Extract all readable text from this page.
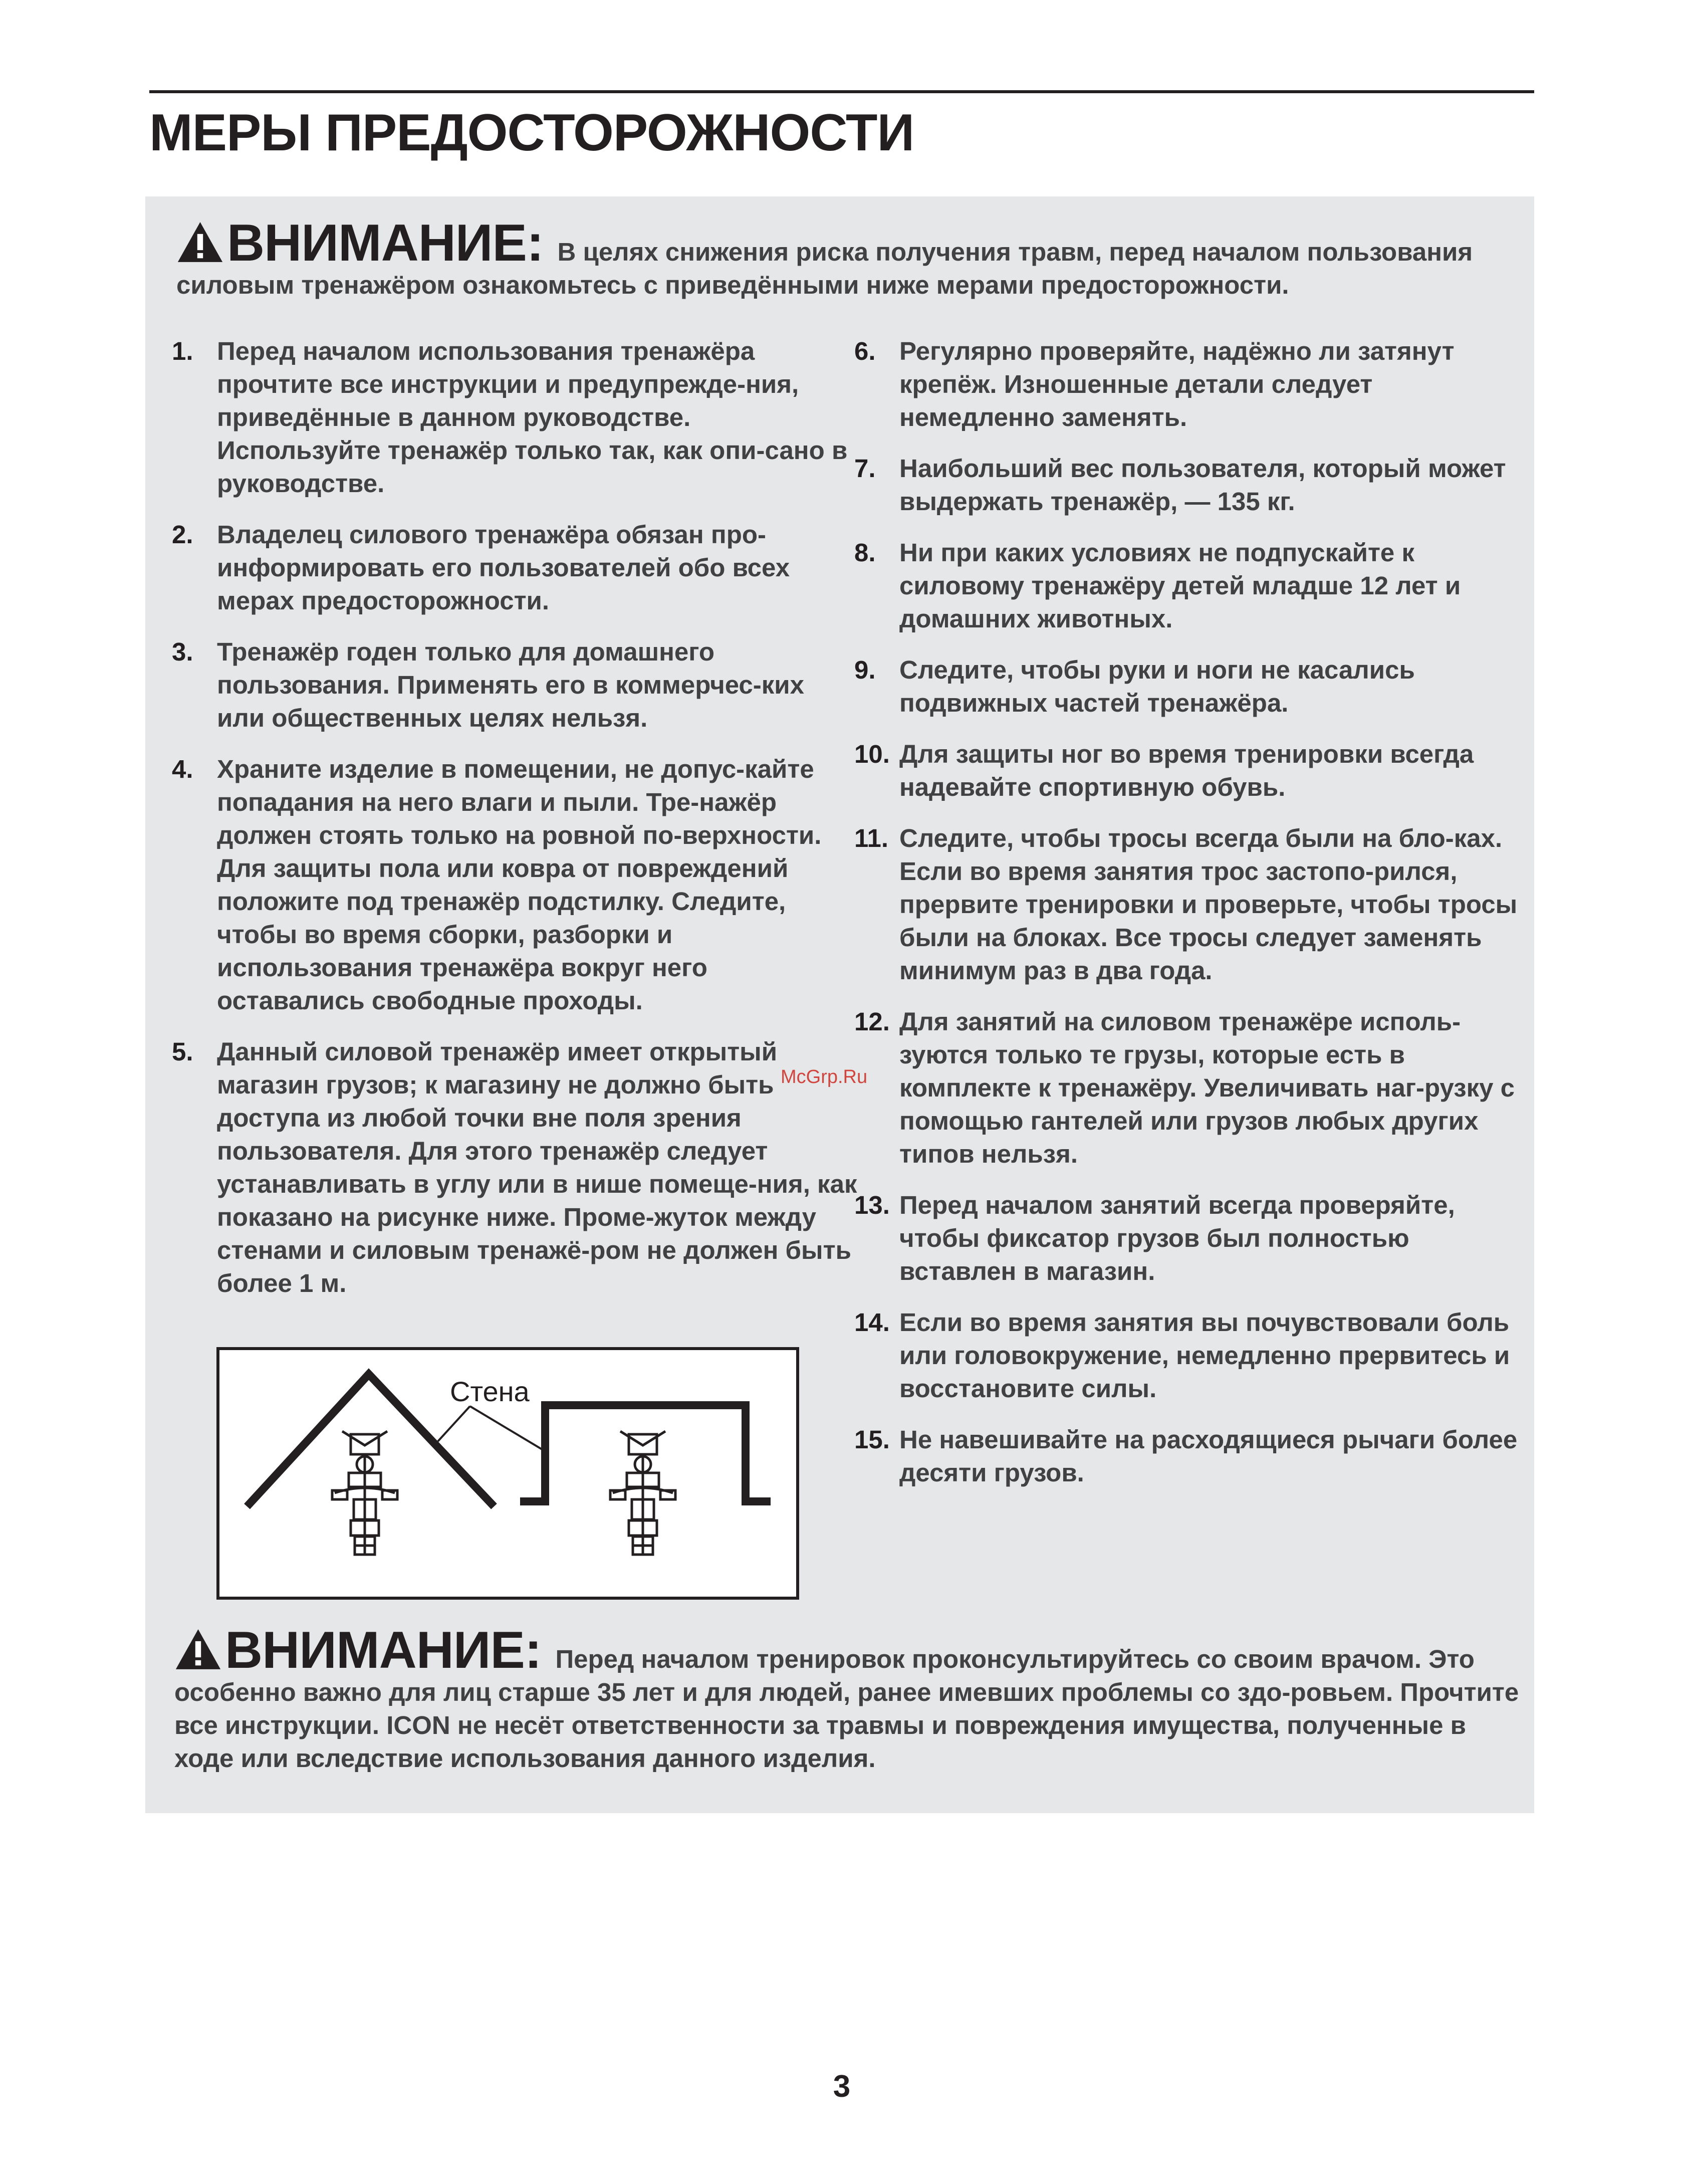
МЕРЫ ПРЕДОСТОРОЖНОСТИ
ВНИМАНИЕ: В целях снижения риска получения травм, перед началом пользования силовым тренажёром ознакомьтесь с приведёнными ниже мерами предосторожности.
1. Перед началом использования тренажёра прочтите все инструкции и предупрежде-ния, приведённые в данном руководстве. Используйте тренажёр только так, как опи-сано в руководстве.
2. Владелец силового тренажёра обязан про-информировать его пользователей обо всех мерах предосторожности.
3. Тренажёр годен только для домашнего пользования. Применять его в коммерчес-ких или общественных целях нельзя.
4. Храните изделие в помещении, не допус-кайте попадания на него влаги и пыли. Тре-нажёр должен стоять только на ровной по-верхности. Для защиты пола или ковра от повреждений положите под тренажёр подстилку. Следите, чтобы во время сборки, разборки и использования тренажёра вокруг него оставались свободные проходы.
5. Данный силовой тренажёр имеет открытый магазин грузов; к магазину не должно быть доступа из любой точки вне поля зрения пользователя. Для этого тренажёр следует устанавливать в углу или в нише помеще-ния, как показано на рисунке ниже. Проме-жуток между стенами и силовым тренажё-ром не должен быть более 1 м.
6. Регулярно проверяйте, надёжно ли затянут крепёж. Изношенные детали следует немедленно заменять.
7. Наибольший вес пользователя, который может выдержать тренажёр, — 135 кг.
8. Ни при каких условиях не подпускайте к силовому тренажёру детей младше 12 лет и домашних животных.
9. Следите, чтобы руки и ноги не касались подвижных частей тренажёра.
10. Для защиты ног во время тренировки всегда надевайте спортивную обувь.
11. Следите, чтобы тросы всегда были на бло-ках. Если во время занятия трос застопо-рился, прервите тренировки и проверьте, чтобы тросы были на блоках. Все тросы следует заменять минимум раз в два года.
12. Для занятий на силовом тренажёре исполь-зуются только те грузы, которые есть в комплекте к тренажёру. Увеличивать наг-рузку с помощью гантелей или грузов любых других типов нельзя.
13. Перед началом занятий всегда проверяйте, чтобы фиксатор грузов был полностью вставлен в магазин.
14. Если во время занятия вы почувствовали боль или головокружение, немедленно прервитесь и восстановите силы.
15. Не навешивайте на расходящиеся рычаги более десяти грузов.
Стена
McGrp.Ru
ВНИМАНИЕ: Перед началом тренировок проконсультируйтесь со своим врачом. Это особенно важно для лиц старше 35 лет и для людей, ранее имевших проблемы со здо-ровьем. Прочтите все инструкции. ICON не несёт ответственности за травмы и повреждения имущества, полученные в ходе или вследствие использования данного изделия.
3
